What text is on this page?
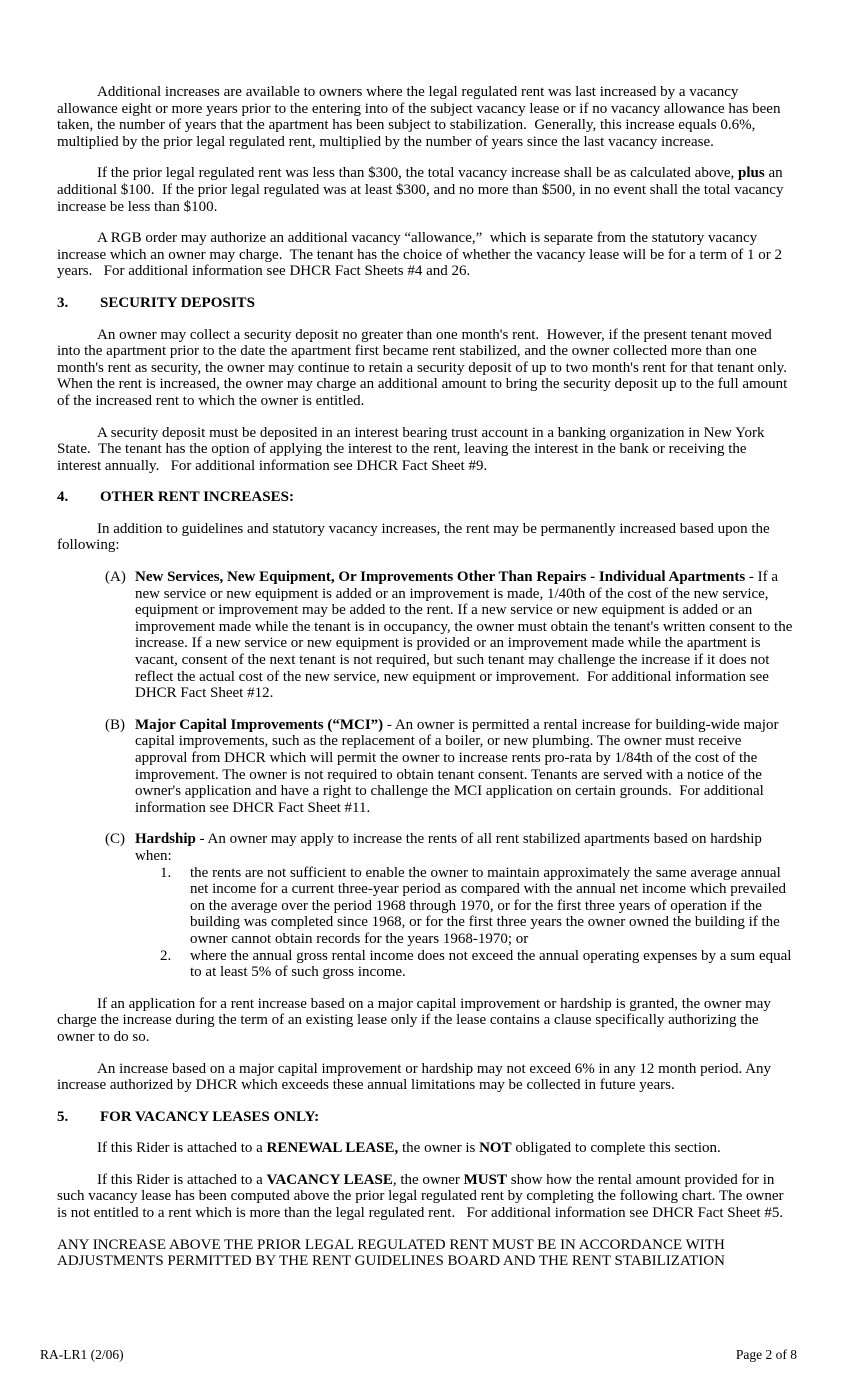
Additional increases are available to owners where the legal regulated rent was last increased by a vacancy allowance eight or more years prior to the entering into of the subject vacancy lease or if no vacancy allowance has been taken, the number of years that the apartment has been subject to stabilization.  Generally, this increase equals 0.6%, multiplied by the prior legal regulated rent, multiplied by the number of years since the last vacancy increase.
If the prior legal regulated rent was less than $300, the total vacancy increase shall be as calculated above, plus an additional $100.  If the prior legal regulated was at least $300, and no more than $500, in no event shall the total vacancy increase be less than $100.
A RGB order may authorize an additional vacancy “allowance,”  which is separate from the statutory vacancy increase which an owner may charge.  The tenant has the choice of whether the vacancy lease will be for a term of 1 or 2 years.   For additional information see DHCR Fact Sheets #4 and 26.
3. SECURITY DEPOSITS
An owner may collect a security deposit no greater than one month's rent.  However, if the present tenant moved into the apartment prior to the date the apartment first became rent stabilized, and the owner collected more than one month's rent as security, the owner may continue to retain a security deposit of up to two month's rent for that tenant only.  When the rent is increased, the owner may charge an additional amount to bring the security deposit up to the full amount of the increased rent to which the owner is entitled.
A security deposit must be deposited in an interest bearing trust account in a banking organization in New York State.  The tenant has the option of applying the interest to the rent, leaving the interest in the bank or receiving the interest annually.   For additional information see DHCR Fact Sheet #9.
4. OTHER RENT INCREASES:
In addition to guidelines and statutory vacancy increases, the rent may be permanently increased based upon the following:
(A) New Services, New Equipment, Or Improvements Other Than Repairs - Individual Apartments - If a new service or new equipment is added or an improvement is made, 1/40th of the cost of the new service, equipment or improvement may be added to the rent. If a new service or new equipment is added or an improvement made while the tenant is in occupancy, the owner must obtain the tenant's written consent to the increase. If a new service or new equipment is provided or an improvement made while the apartment is vacant, consent of the next tenant is not required, but such tenant may challenge the increase if it does not reflect the actual cost of the new service, new equipment or improvement.  For additional information see DHCR Fact Sheet #12.
(B) Major Capital Improvements (“MCI”) - An owner is permitted a rental increase for building-wide major capital improvements, such as the replacement of a boiler, or new plumbing. The owner must receive approval from DHCR which will permit the owner to increase rents pro-rata by 1/84th of the cost of the improvement. The owner is not required to obtain tenant consent. Tenants are served with a notice of the owner's application and have a right to challenge the MCI application on certain grounds.  For additional information see DHCR Fact Sheet #11.
(C) Hardship - An owner may apply to increase the rents of all rent stabilized apartments based on hardship when:
1. the rents are not sufficient to enable the owner to maintain approximately the same average annual net income for a current three-year period as compared with the annual net income which prevailed on the average over the period 1968 through 1970, or for the first three years of operation if the building was completed since 1968, or for the first three years the owner owned the building if the owner cannot obtain records for the years 1968-1970; or
2. where the annual gross rental income does not exceed the annual operating expenses by a sum equal to at least 5% of such gross income.
If an application for a rent increase based on a major capital improvement or hardship is granted, the owner may charge the increase during the term of an existing lease only if the lease contains a clause specifically authorizing the owner to do so.
An increase based on a major capital improvement or hardship may not exceed 6% in any 12 month period. Any increase authorized by DHCR which exceeds these annual limitations may be collected in future years.
5. FOR VACANCY LEASES ONLY:
If this Rider is attached to a RENEWAL LEASE, the owner is NOT obligated to complete this section.
If this Rider is attached to a VACANCY LEASE, the owner MUST show how the rental amount provided for in such vacancy lease has been computed above the prior legal regulated rent by completing the following chart. The owner is not entitled to a rent which is more than the legal regulated rent.   For additional information see DHCR Fact Sheet #5.
ANY INCREASE ABOVE THE PRIOR LEGAL REGULATED RENT MUST BE IN ACCORDANCE WITH ADJUSTMENTS PERMITTED BY THE RENT GUIDELINES BOARD AND THE RENT STABILIZATION
RA-LR1 (2/06)	Page 2 of 8
